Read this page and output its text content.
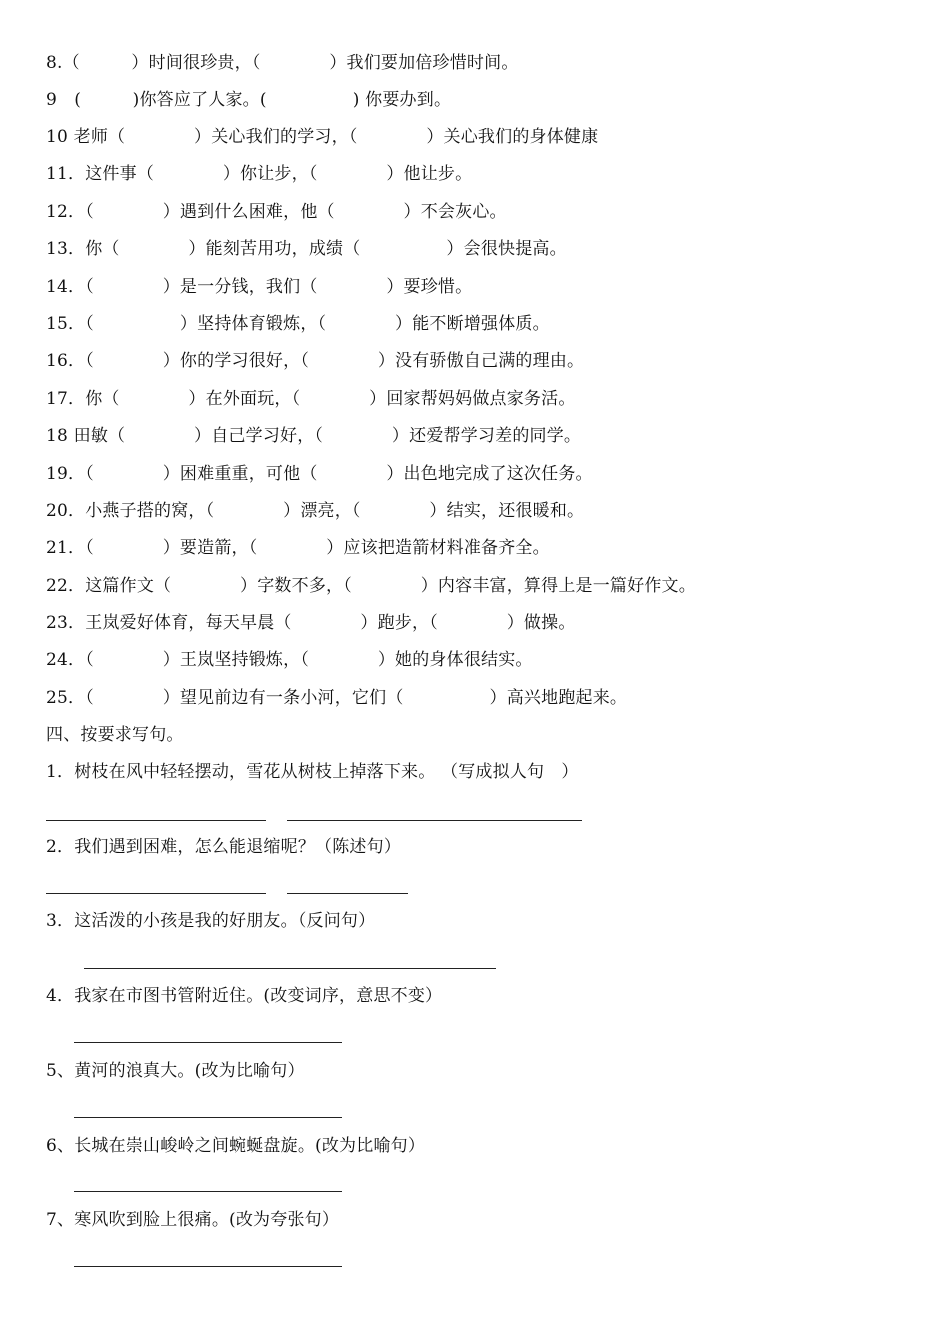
8.（　　　）时间很珍贵，（　　　　）我们要加倍珍惜时间。
9　(　　　)你答应了人家。(　　　　　) 你要办到。
10 老师（　　　　）关心我们的学习，（　　　　）关心我们的身体健康
11．这件事（　　　　）你让步，（　　　　）他让步。
12．（　　　　）遇到什么困难，他（　　　　）不会灰心。
13．你（　　　　）能刻苦用功，成绩（　　　　　）会很快提高。
14．（　　　　）是一分钱，我们（　　　　）要珍惜。
15．（　　　　　）坚持体育锻炼，（　　　　）能不断增强体质。
16．（　　　　）你的学习很好，（　　　　）没有骄傲自己满的理由。
17．你（　　　　）在外面玩，（　　　　）回家帮妈妈做点家务活。
18 田敏（　　　　）自己学习好，（　　　　）还爱帮学习差的同学。
19．（　　　　）困难重重，可他（　　　　）出色地完成了这次任务。
20．小燕子搭的窝，（　　　　）漂亮，（　　　　）结实，还很暖和。
21．（　　　　）要造箭，（　　　　）应该把造箭材料准备齐全。
22．这篇作文（　　　　）字数不多，（　　　　）内容丰富，算得上是一篇好作文。
23．王岚爱好体育，每天早晨（　　　　）跑步，（　　　　）做操。
24．（　　　　）王岚坚持锻炼，（　　　　）她的身体很结实。
25．（　　　　）望见前边有一条小河，它们（　　　　　）高兴地跑起来。
四、按要求写句。
1．树枝在风中轻轻摆动，雪花从树枝上掉落下来。 （写成拟人句　）
2．我们遇到困难，怎么能退缩呢？（陈述句）
3．这活泼的小孩是我的好朋友。（反问句）
4．我家在市图书管附近住。(改变词序，意思不变）
5、黄河的浪真大。(改为比喻句）
6、长城在崇山峻岭之间蜿蜒盘旋。(改为比喻句）
7、寒风吹到脸上很痛。(改为夸张句）
